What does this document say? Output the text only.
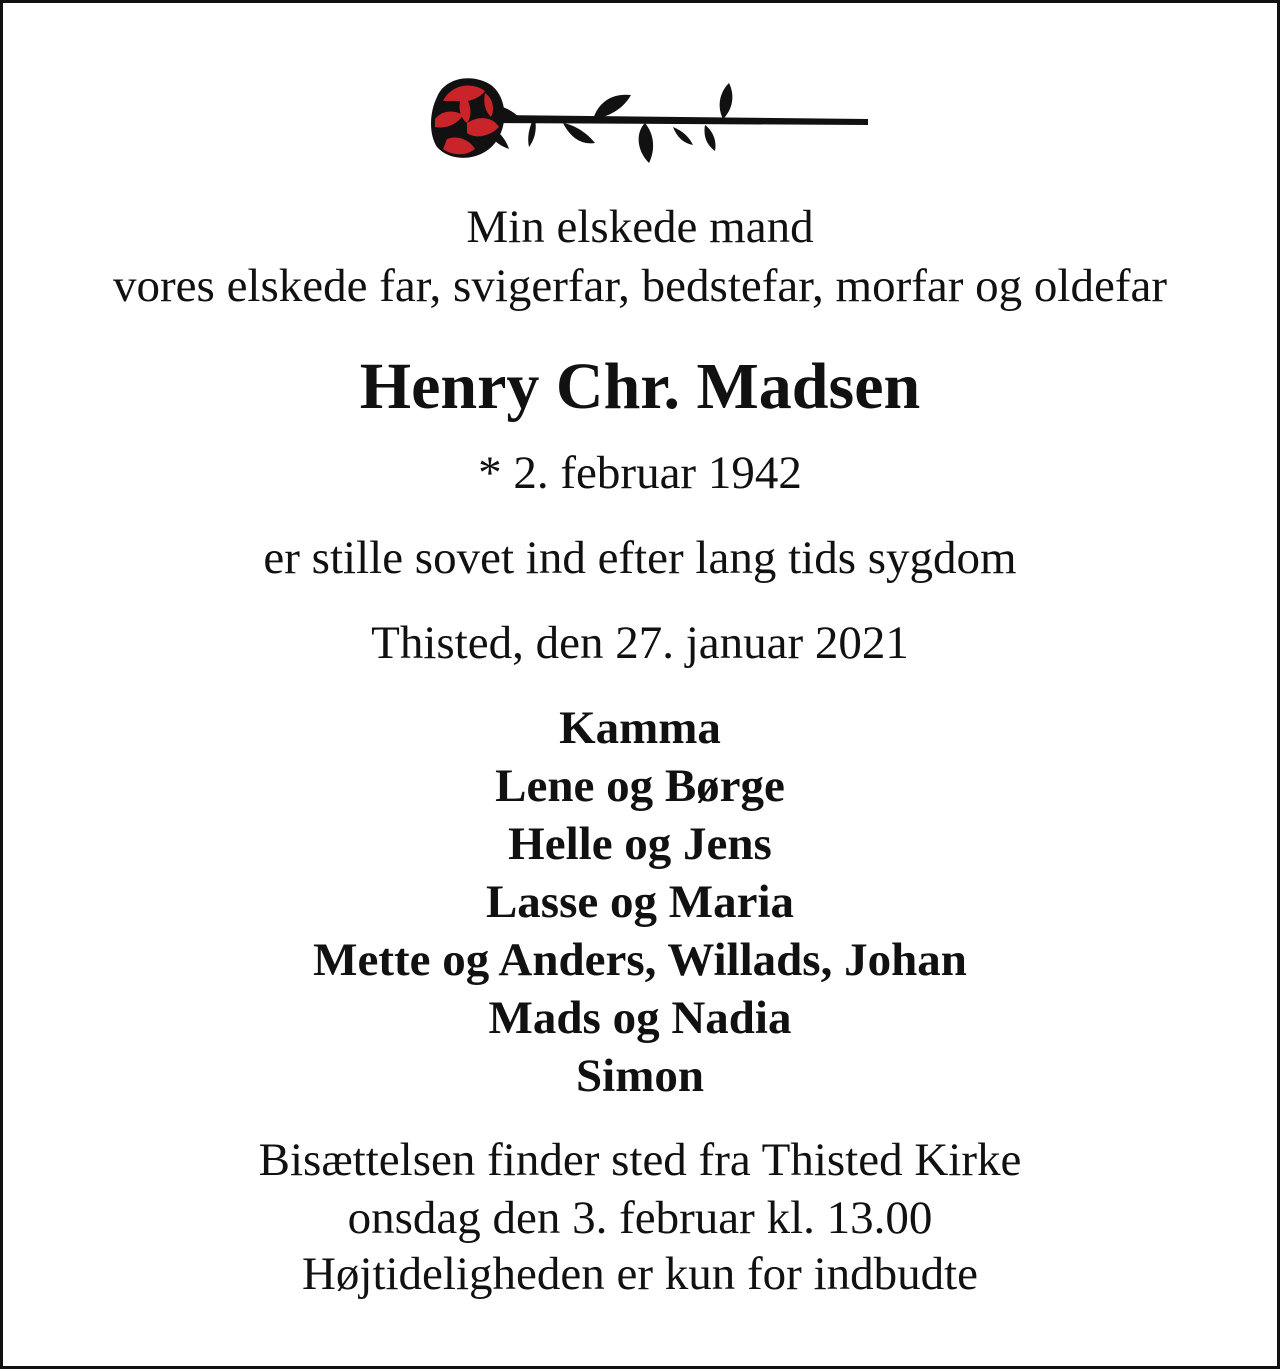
Min elskede mand
vores elskede far, svigerfar, bedstefar, morfar og oldefar
Henry Chr. Madsen
* 2. februar 1942
er stille sovet ind efter lang tids sygdom
Thisted, den 27. januar 2021
Kamma
Lene og Børge
Helle og Jens
Lasse og Maria
Mette og Anders, Willads, Johan
Mads og Nadia
Simon
Bisættelsen finder sted fra Thisted Kirke
onsdag den 3. februar kl. 13.00
Højtideligheden er kun for indbudte
